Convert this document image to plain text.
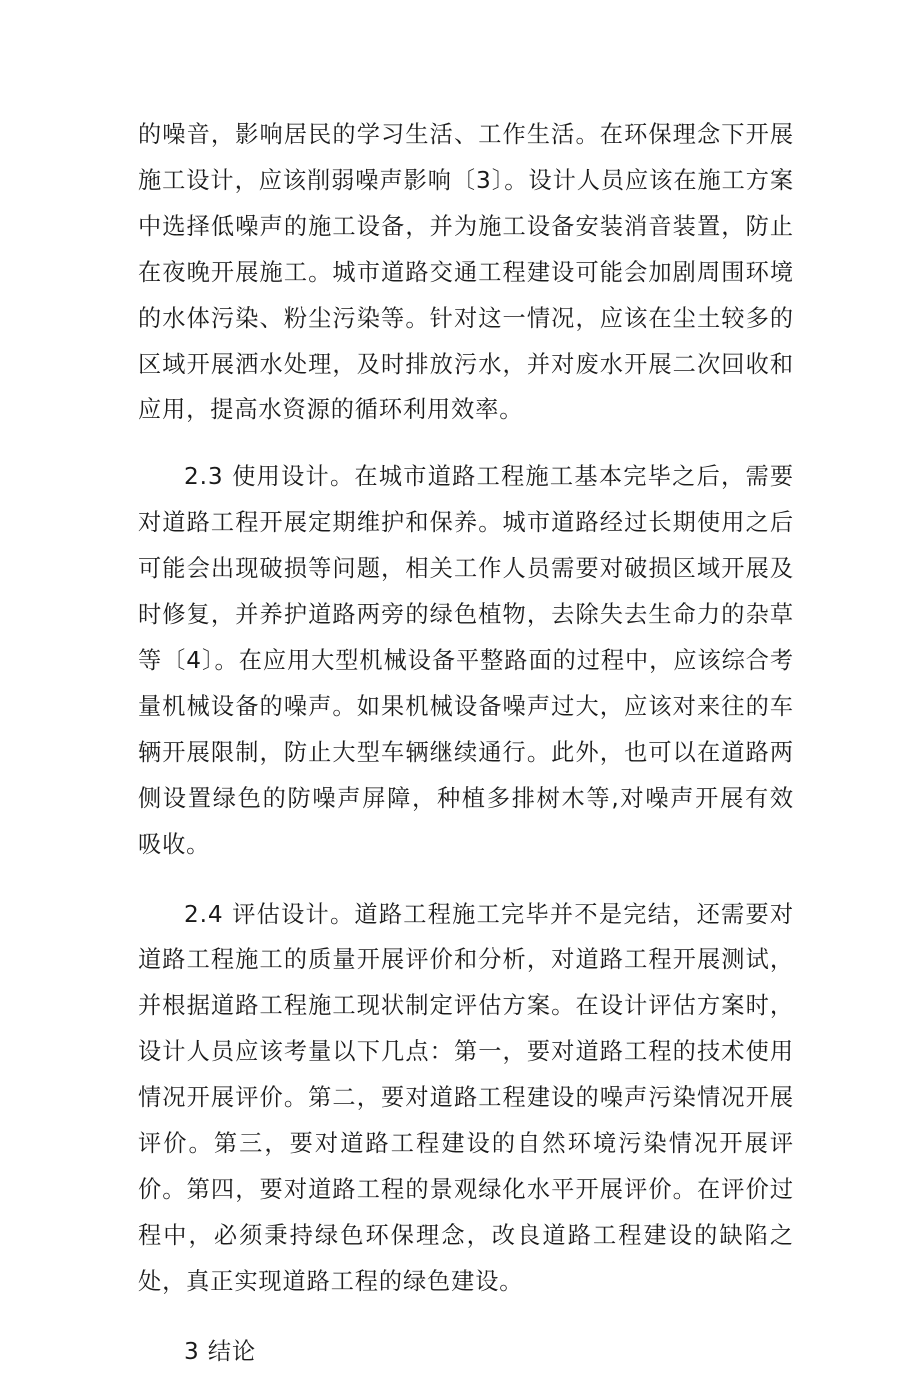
的噪音，影响居民的学习生活、工作生活。在环保理念下开展施工设计，应该削弱噪声影响〔3〕。设计人员应该在施工方案中选择低噪声的施工设备，并为施工设备安装消音装置，防止在夜晚开展施工。城市道路交通工程建设可能会加剧周围环境的水体污染、粉尘污染等。针对这一情况，应该在尘土较多的区域开展洒水处理，及时排放污水，并对废水开展二次回收和应用，提高水资源的循环利用效率。

2.3 使用设计。在城市道路工程施工基本完毕之后，需要对道路工程开展定期维护和保养。城市道路经过长期使用之后可能会出现破损等问题，相关工作人员需要对破损区域开展及时修复，并养护道路两旁的绿色植物，去除失去生命力的杂草等〔4〕。在应用大型机械设备平整路面的过程中，应该综合考量机械设备的噪声。如果机械设备噪声过大，应该对来往的车辆开展限制，防止大型车辆继续通行。此外，也可以在道路两侧设置绿色的防噪声屏障，种植多排树木等,对噪声开展有效吸收。

2.4 评估设计。道路工程施工完毕并不是完结，还需要对道路工程施工的质量开展评价和分析，对道路工程开展测试，并根据道路工程施工现状制定评估方案。在设计评估方案时，设计人员应该考量以下几点：第一，要对道路工程的技术使用情况开展评价。第二，要对道路工程建设的噪声污染情况开展评价。第三，要对道路工程建设的自然环境污染情况开展评价。第四，要对道路工程的景观绿化水平开展评价。在评价过程中，必须秉持绿色环保理念，改良道路工程建设的缺陷之处，真正实现道路工程的绿色建设。

3 结论
